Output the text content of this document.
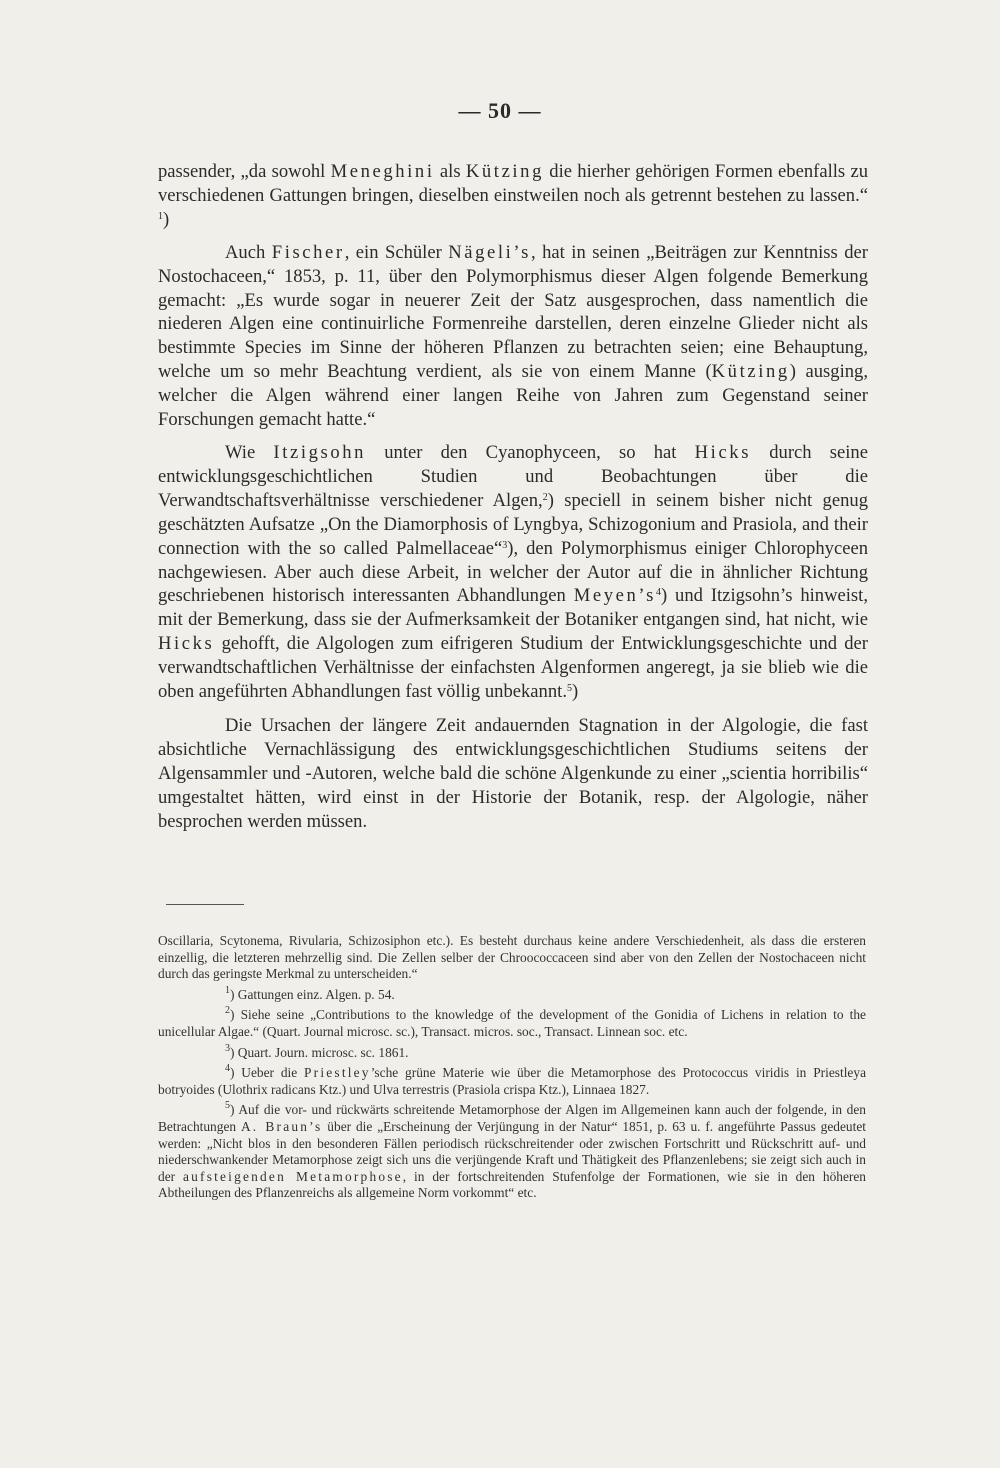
— 50 —

passender, „da sowohl Meneghini als Kützing die hierher gehörigen Formen ebenfalls zu verschiedenen Gattungen bringen, dieselben einstweilen noch als getrennt bestehen zu lassen.“ $^1$)

Auch Fischer, ein Schüler Nägeli’s, hat in seinen „Beiträgen zur Kenntniss der Nostochaceen,“ 1853, p. 11, über den Polymorphismus dieser Algen folgende Bemerkung gemacht: „Es wurde sogar in neuerer Zeit der Satz ausgesprochen, dass namentlich die niederen Algen eine continuirliche Formenreihe darstellen, deren einzelne Glieder nicht als bestimmte Species im Sinne der höheren Pflanzen zu betrachten seien; eine Behauptung, welche um so mehr Beachtung verdient, als sie von einem Manne (Kützing) ausging, welcher die Algen während einer langen Reihe von Jahren zum Gegenstand seiner Forschungen gemacht hatte.“

Wie Itzigsohn unter den Cyanophyceen, so hat Hicks durch seine entwicklungsgeschichtlichen Studien und Beobachtungen über die Verwandtschaftsverhältnisse verschiedener Algen,$^2$) speciell in seinem bisher nicht genug geschätzten Aufsatze „On the Diamorphosis of Lyngbya, Schizogonium and Prasiola, and their connection with the so called Palmellaceae“$^3$), den Polymorphismus einiger Chlorophyceen nachgewiesen. Aber auch diese Arbeit, in welcher der Autor auf die in ähnlicher Richtung geschriebenen historisch interessanten Abhandlungen $Meyen’s^4$) und Itzigsohn’s hinweist, mit der Bemerkung, dass sie der Aufmerksamkeit der Botaniker entgangen sind, hat nicht, wie Hicks gehofft, die Algologen zum eifrigeren Studium der Entwicklungsgeschichte und der verwandtschaftlichen Verhältnisse der einfachsten Algenformen angeregt, ja sie blieb wie die oben angeführten Abhandlungen fast völlig unbekannt.$^5$)

Die Ursachen der längere Zeit andauernden Stagnation in der Algologie, die fast absichtliche Vernachlässigung des entwicklungsgeschichtlichen Studiums seitens der Algensammler und -Autoren, welche bald die schöne Algenkunde zu einer „scientia horribilis“ umgestaltet hätten, wird einst in der Historie der Botanik, resp. der Algologie, näher besprochen werden müssen.

Oscillaria, Scytonema, Rivularia, Schizosiphon etc.). Es besteht durchaus keine andere Verschiedenheit, als dass die ersteren einzellig, die letzteren mehrzellig sind. Die Zellen selber der Chroococcaceen sind aber von den Zellen der Nostochaceen nicht durch das geringste Merkmal zu unterscheiden.“

$^1$) Gattungen einz. Algen. p. 54.

$^2$) Siehe seine „Contributions to the knowledge of the development of the Gonidia of Lichens in relation to the unicellular Algae.“ (Quart. Journal microsc. sc.), Transact. micros. soc., Transact. Linnean soc. etc.

$^3$) Quart. Journ. microsc. sc. 1861.

$^4$) Ueber die Priestley’sche grüne Materie wie über die Metamorphose des Protococcus viridis in Priestleya botryoides (Ulothrix radicans Ktz.) und Ulva terrestris (Prasiola crispa Ktz.), Linnaea 1827.

$^5$) Auf die vor- und rückwärts schreitende Metamorphose der Algen im Allgemeinen kann auch der folgende, in den Betrachtungen A. Braun’s über die „Erscheinung der Verjüngung in der Natur“ 1851, p. 63 u. f. angeführte Passus gedeutet werden: „Nicht blos in den besonderen Fällen periodisch rückschreitender oder zwischen Fortschritt und Rückschritt auf- und niederschwankender Metamorphose zeigt sich uns die verjüngende Kraft und Thätigkeit des Pflanzenlebens; sie zeigt sich auch in der aufsteigenden Metamorphose, in der fortschreitenden Stufenfolge der Formationen, wie sie in den höheren Abtheilungen des Pflanzenreichs als allgemeine Norm vorkommt“ etc.
